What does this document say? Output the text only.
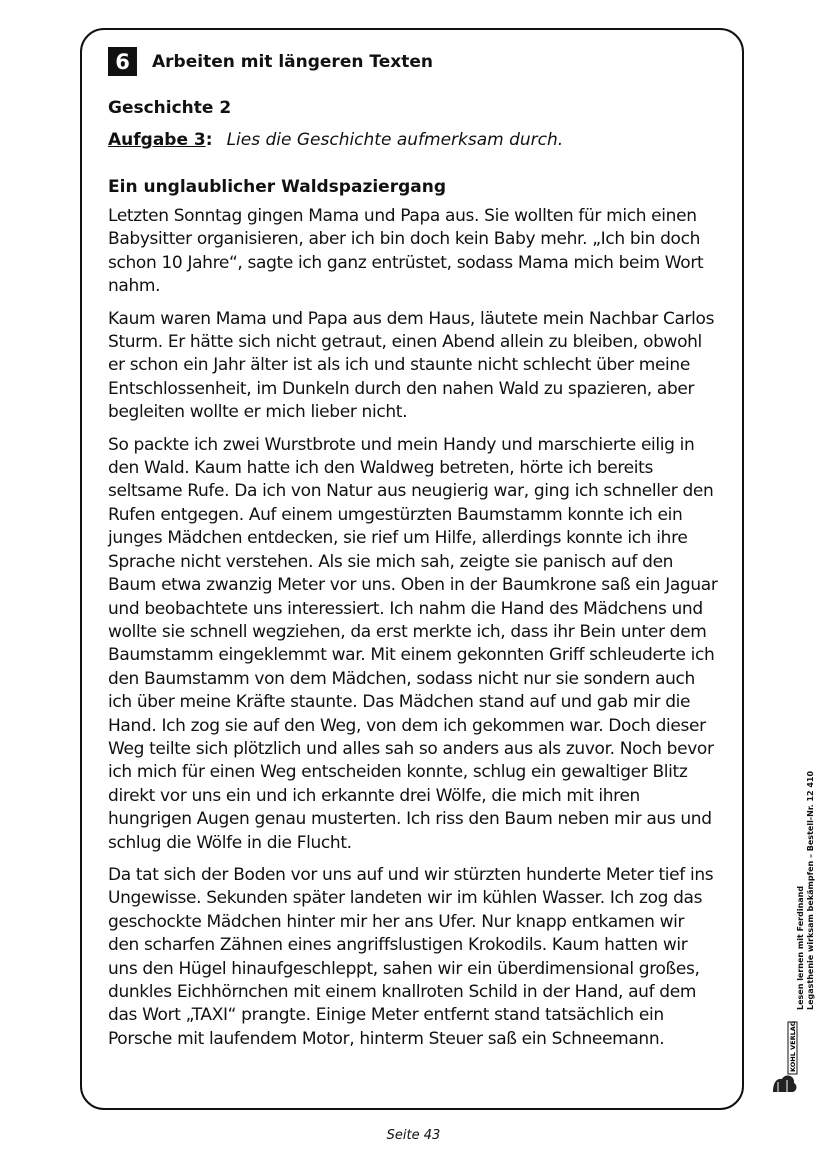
6	Arbeiten mit längeren Texten
Geschichte 2
Aufgabe 3: Lies die Geschichte aufmerksam durch.
Ein unglaublicher Waldspaziergang

Letzten Sonntag gingen Mama und Papa aus. Sie wollten für mich einen Babysitter organisieren, aber ich bin doch kein Baby mehr. „Ich bin doch schon 10 Jahre“, sagte ich ganz entrüstet, sodass Mama mich beim Wort nahm.

Kaum waren Mama und Papa aus dem Haus, läutete mein Nachbar Carlos Sturm. Er hätte sich nicht getraut, einen Abend allein zu bleiben, obwohl er schon ein Jahr älter ist als ich und staunte nicht schlecht über meine Entschlossenheit, im Dunkeln durch den nahen Wald zu spazieren, aber begleiten wollte er mich lieber nicht.

So packte ich zwei Wurstbrote und mein Handy und marschierte eilig in den Wald. Kaum hatte ich den Waldweg betreten, hörte ich bereits seltsame Rufe. Da ich von Natur aus neugierig war, ging ich schneller den Rufen entgegen. Auf einem umgestürzten Baumstamm konnte ich ein junges Mädchen entdecken, sie rief um Hilfe, allerdings konnte ich ihre Sprache nicht verstehen. Als sie mich sah, zeigte sie panisch auf den Baum etwa zwanzig Meter vor uns. Oben in der Baumkrone saß ein Jaguar und beobachtete uns interessiert. Ich nahm die Hand des Mädchens und wollte sie schnell wegziehen, da erst merkte ich, dass ihr Bein unter dem Baumstamm eingeklemmt war. Mit einem gekonnten Griff schleuderte ich den Baumstamm von dem Mädchen, sodass nicht nur sie sondern auch ich über meine Kräfte staunte. Das Mädchen stand auf und gab mir die Hand. Ich zog sie auf den Weg, von dem ich gekommen war. Doch dieser Weg teilte sich plötzlich und alles sah so anders aus als zuvor. Noch bevor ich mich für einen Weg entscheiden konnte, schlug ein gewaltiger Blitz direkt vor uns ein und ich erkannte drei Wölfe, die mich mit ihren hungrigen Augen genau musterten. Ich riss den Baum neben mir aus und schlug die Wölfe in die Flucht.

Da tat sich der Boden vor uns auf und wir stürzten hunderte Meter tief ins Ungewisse. Sekunden später landeten wir im kühlen Wasser. Ich zog das geschockte Mädchen hinter mir her ans Ufer. Nur knapp entkamen wir den scharfen Zähnen eines angriffslustigen Krokodils. Kaum hatten wir uns den Hügel hinaufgeschleppt, sahen wir ein überdimensional großes, dunkles Eichhörnchen mit einem knallroten Schild in der Hand, auf dem das Wort „TAXI“ prangte. Einige Meter entfernt stand tatsächlich ein Porsche mit laufendem Motor, hinterm Steuer saß ein Schneemann.

Lesen lernen mit Ferdinand Legasthenie wirksam bekämpfen – Bestell-Nr. 12 410
KOHL VERLAG
Seite 43
